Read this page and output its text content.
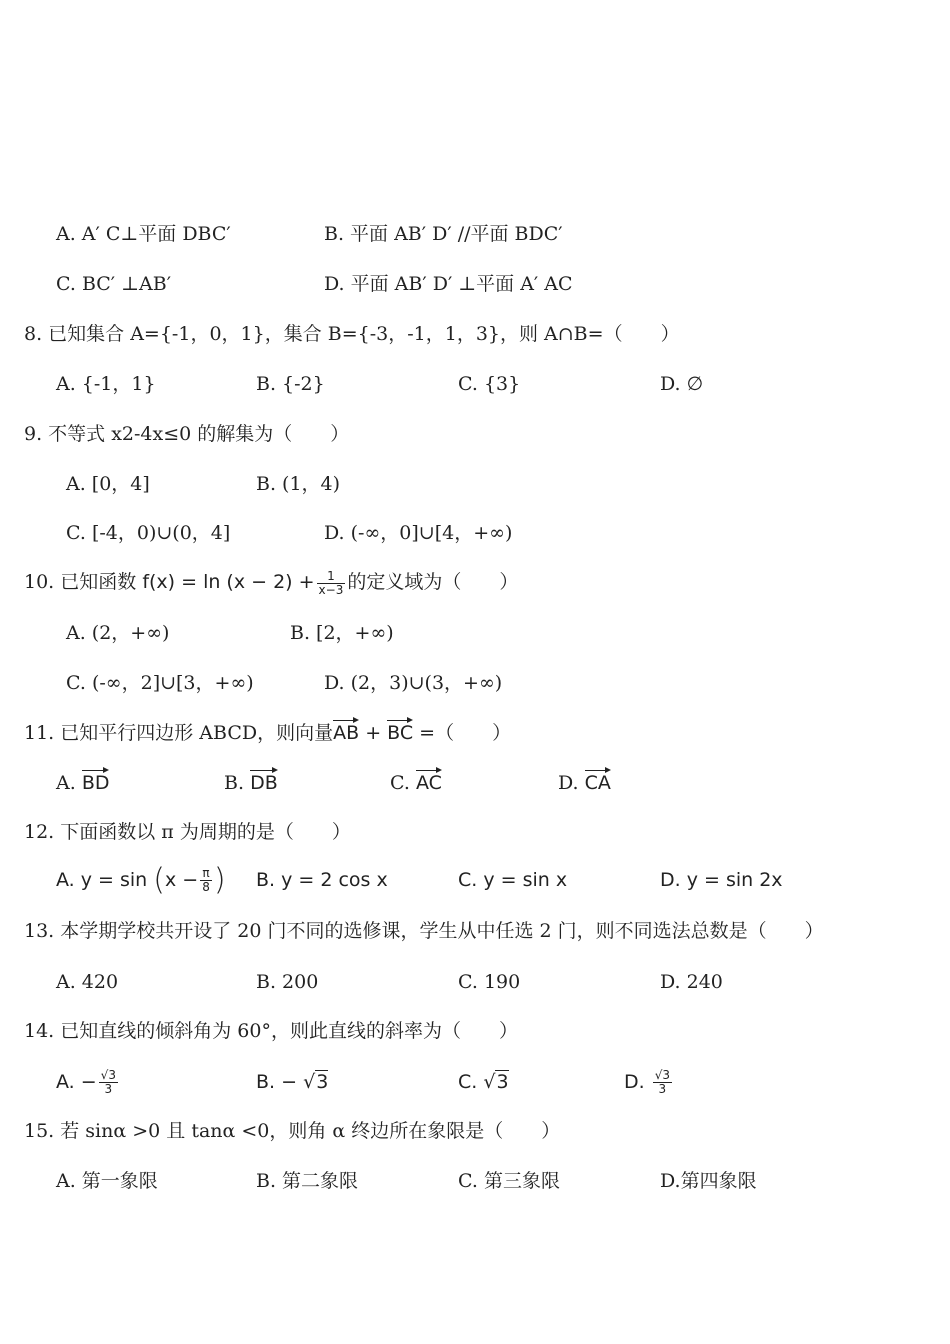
A. A′ C⊥平面 DBC′	B. 平面 AB′ D′ //平面 BDC′
C. BC′ ⊥AB′	D. 平面 AB′ D′ ⊥平面 A′ AC
8. 已知集合 A={-1，0，1}，集合 B={-3，-1，1，3}，则 A∩B=（　　）
A. {-1，1}	B. {-2}	C. {3}	D. ∅
9. 不等式 x2-4x≤0 的解集为（　　）
A. [0，4]	B. (1，4)
C. [-4，0)∪(0，4]	D. (-∞，0]∪[4，+∞)
10. 已知函数 $f(x) = \ln (x - 2) + \frac{1}{x-3}$ 的定义域为（　　）
A. (2，+∞)	B. [2，+∞)
C. (-∞，2]∪[3，+∞)	D. (2，3)∪(3，+∞)
11. 已知平行四边形 ABCD，则向量AB + BC =（　　）
A. BD	B. DB	C. AC	D. CA
12. 下面函数以 π 为周期的是（　　）
A. $y = \sin (x - \frac{\pi}{8}$ ) B. y = 2 cos x	C. y = sin x	D. y = sin 2x
13. 本学期学校共开设了 20 门不同的选修课，学生从中任选 2 门，则不同选法总数是（　　）
A. 420	B. 200	C. 190	D. 240
14. 已知直线的倾斜角为 60°，则此直线的斜率为（　　）
A. − $\frac{√3}{3}$	B. − √3	C. √3	D. $\frac{√3}{3}$
15. 若 sinα >0 且 tanα <0，则角 α 终边所在象限是（　　）
A. 第一象限	B. 第二象限	C. 第三象限	D.第四象限
